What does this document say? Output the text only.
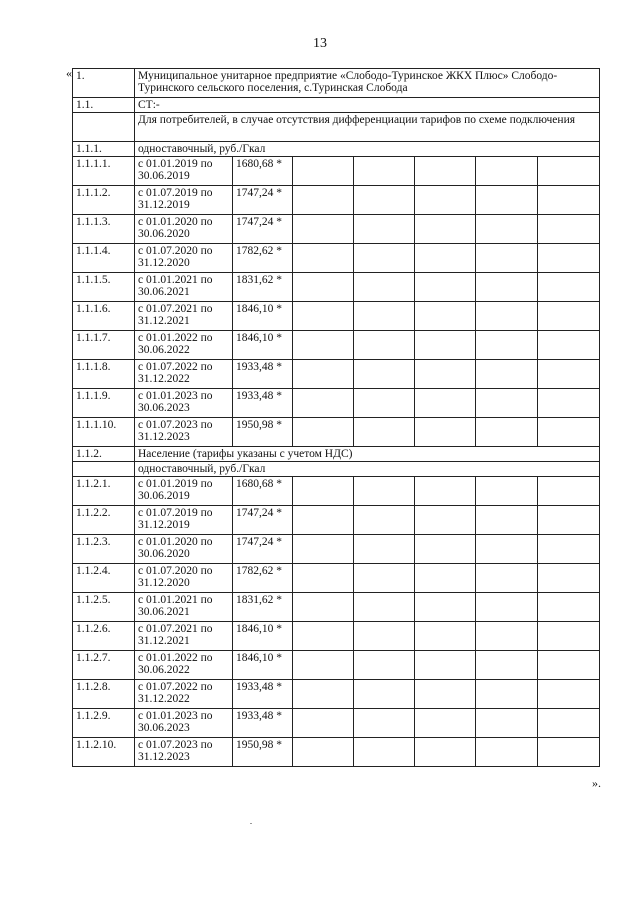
13
«
».
1.	Муниципальное унитарное предприятие «Слободо-Туринское ЖКХ Плюс» Слободо-Туринского сельского поселения, с.Туринская Слобода						
1.1.	СТ:-						
	Для потребителей, в случае отсутствия дифференциации тарифов по схеме подключения						
1.1.1.	одноставочный, руб./Гкал						
1.1.1.1.	с 01.01.2019 по 30.06.2019	1680,68 *					
1.1.1.2.	с 01.07.2019 по 31.12.2019	1747,24 *					
1.1.1.3.	с 01.01.2020 по 30.06.2020	1747,24 *					
1.1.1.4.	с 01.07.2020 по 31.12.2020	1782,62 *					
1.1.1.5.	с 01.01.2021 по 30.06.2021	1831,62 *					
1.1.1.6.	с 01.07.2021 по 31.12.2021	1846,10 *					
1.1.1.7.	с 01.01.2022 по 30.06.2022	1846,10 *					
1.1.1.8.	с 01.07.2022 по 31.12.2022	1933,48 *					
1.1.1.9.	с 01.01.2023 по 30.06.2023	1933,48 *					
1.1.1.10.	с 01.07.2023 по 31.12.2023	1950,98 *					
1.1.2.	Население (тарифы указаны с учетом НДС)						
	одноставочный, руб./Гкал						
1.1.2.1.	с 01.01.2019 по 30.06.2019	1680,68 *					
1.1.2.2.	с 01.07.2019 по 31.12.2019	1747,24 *					
1.1.2.3.	с 01.01.2020 по 30.06.2020	1747,24 *					
1.1.2.4.	с 01.07.2020 по 31.12.2020	1782,62 *					
1.1.2.5.	с 01.01.2021 по 30.06.2021	1831,62 *					
1.1.2.6.	с 01.07.2021 по 31.12.2021	1846,10 *					
1.1.2.7.	с 01.01.2022 по 30.06.2022	1846,10 *					
1.1.2.8.	с 01.07.2022 по 31.12.2022	1933,48 *					
1.1.2.9.	с 01.01.2023 по 30.06.2023	1933,48 *					
1.1.2.10.	с 01.07.2023 по 31.12.2023	1950,98 *					
